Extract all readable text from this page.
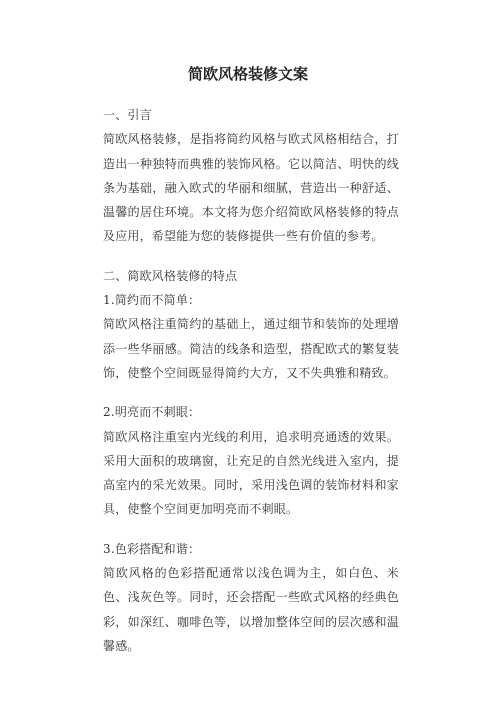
简欧风格装修文案

一、引言

简欧风格装修，是指将简约风格与欧式风格相结合，打造出一种独特而典雅的装饰风格。它以简洁、明快的线条为基础，融入欧式的华丽和细腻，营造出一种舒适、温馨的居住环境。本文将为您介绍简欧风格装修的特点及应用，希望能为您的装修提供一些有价值的参考。

二、简欧风格装修的特点

1.简约而不简单：

简欧风格注重简约的基础上，通过细节和装饰的处理增添一些华丽感。简洁的线条和造型，搭配欧式的繁复装饰，使整个空间既显得简约大方，又不失典雅和精致。

2.明亮而不刺眼：

简欧风格注重室内光线的利用，追求明亮通透的效果。采用大面积的玻璃窗，让充足的自然光线进入室内，提高室内的采光效果。同时，采用浅色调的装饰材料和家具，使整个空间更加明亮而不刺眼。

3.色彩搭配和谐：

简欧风格的色彩搭配通常以浅色调为主，如白色、米色、浅灰色等。同时，还会搭配一些欧式风格的经典色彩，如深红、咖啡色等，以增加整体空间的层次感和温馨感。
